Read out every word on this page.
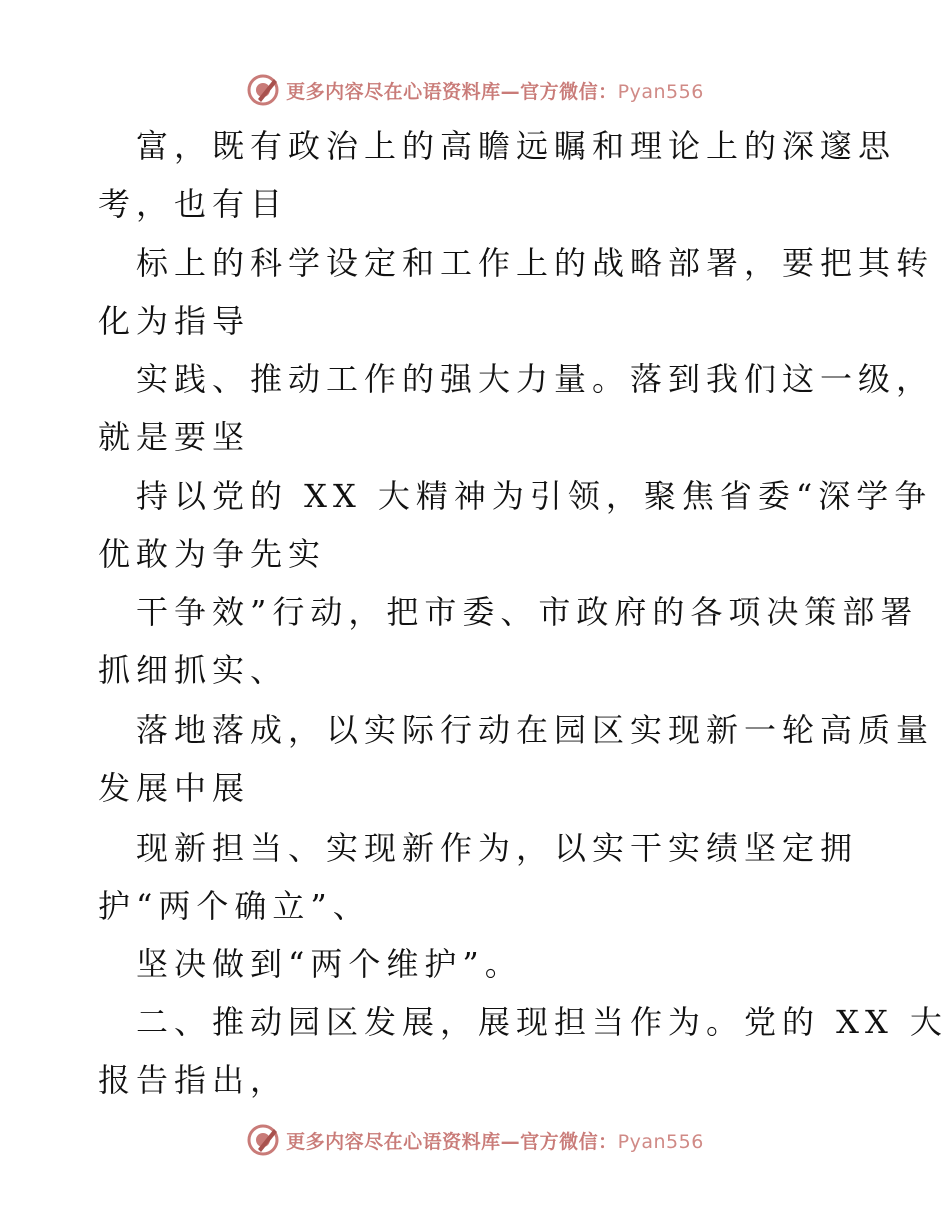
更多内容尽在心语资料库—官方微信：Pyan556
富，既有政治上的高瞻远瞩和理论上的深邃思
考，也有目
标上的科学设定和工作上的战略部署，要把其转
化为指导
实践、推动工作的强大力量。落到我们这一级，
就是要坚
持以党的 XX 大精神为引领，聚焦省委“深学争
优敢为争先实
干争效”行动，把市委、市政府的各项决策部署
抓细抓实、
落地落成，以实际行动在园区实现新一轮高质量
发展中展
现新担当、实现新作为，以实干实绩坚定拥
护“两个确立”、
坚决做到“两个维护”。
二、推动园区发展，展现担当作为。党的 XX 大
报告指出，
更多内容尽在心语资料库—官方微信：Pyan556
